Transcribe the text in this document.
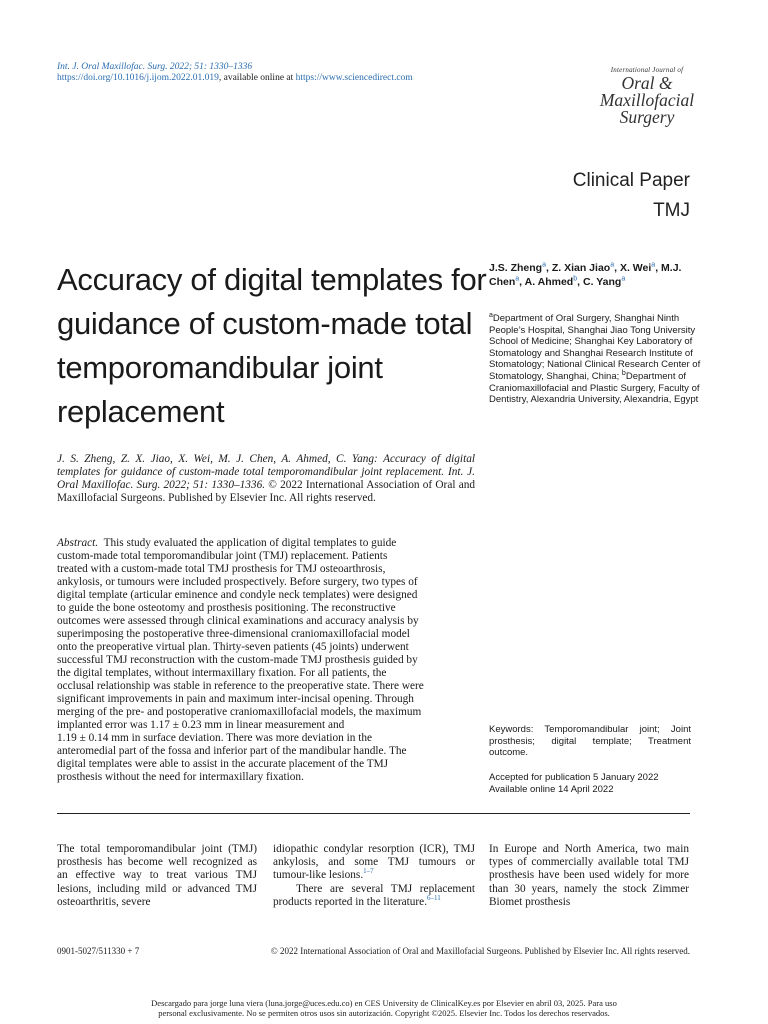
Int. J. Oral Maxillofac. Surg. 2022; 51: 1330–1336
https://doi.org/10.1016/j.ijom.2022.01.019, available online at https://www.sciencedirect.com
International Journal of
Oral &
Maxillofacial
Surgery
Clinical Paper
TMJ
Accuracy of digital templates for guidance of custom-made total temporomandibular joint replacement
J.S. Zheng$^a$, Z. Xian Jiao$^a$, X. Wei$^a$, M.J. Chen$^a$, A. Ahmed$^b$, C. Yang$^a$
$^a$Department of Oral Surgery, Shanghai Ninth People’s Hospital, Shanghai Jiao Tong University School of Medicine; Shanghai Key Laboratory of Stomatology and Shanghai Research Institute of Stomatology; National Clinical Research Center of Stomatology, Shanghai, China; $^b$Department of Craniomaxillofacial and Plastic Surgery, Faculty of Dentistry, Alexandria University, Alexandria, Egypt
J. S. Zheng, Z. X. Jiao, X. Wei, M. J. Chen, A. Ahmed, C. Yang: Accuracy of digital templates for guidance of custom-made total temporomandibular joint replacement. Int. J. Oral Maxillofac. Surg. 2022; 51: 1330–1336. © 2022 International Association of Oral and Maxillofacial Surgeons. Published by Elsevier Inc. All rights reserved.
Abstract. This study evaluated the application of digital templates to guide
custom-made total temporomandibular joint (TMJ) replacement. Patients
treated with a custom-made total TMJ prosthesis for TMJ osteoarthrosis,
ankylosis, or tumours were included prospectively. Before surgery, two types of
digital template (articular eminence and condyle neck templates) were designed
to guide the bone osteotomy and prosthesis positioning. The reconstructive
outcomes were assessed through clinical examinations and accuracy analysis by
superimposing the postoperative three-dimensional craniomaxillofacial model
onto the preoperative virtual plan. Thirty-seven patients (45 joints) underwent
successful TMJ reconstruction with the custom-made TMJ prosthesis guided by
the digital templates, without intermaxillary fixation. For all patients, the
occlusal relationship was stable in reference to the preoperative state. There were
significant improvements in pain and maximum inter-incisal opening. Through
merging of the pre- and postoperative craniomaxillofacial models, the maximum
implanted error was 1.17 ± 0.23 mm in linear measurement and
1.19 ± 0.14 mm in surface deviation. There was more deviation in the
anteromedial part of the fossa and inferior part of the mandibular handle. The
digital templates were able to assist in the accurate placement of the TMJ
prosthesis without the need for intermaxillary fixation.
Keywords: Temporomandibular joint; Joint prosthesis; digital template; Treatment outcome.
Accepted for publication 5 January 2022
Available online 14 April 2022
The total temporomandibular joint (TMJ) prosthesis has become well recognized as an effective way to treat various TMJ lesions, including mild or advanced TMJ osteoarthritis, severe
idiopathic condylar resorption (ICR), TMJ ankylosis, and some TMJ tumours or tumour-like lesions.$^{1-7}$
There are several TMJ replacement products reported in the literature.$^{6-11}$
In Europe and North America, two main types of commercially available total TMJ prosthesis have been used widely for more than 30 years, namely the stock Zimmer Biomet prosthesis
0901-5027/511330 + 7	© 2022 International Association of Oral and Maxillofacial Surgeons. Published by Elsevier Inc. All rights reserved.
Descargado para jorge luna viera (luna.jorge@uces.edu.co) en CES University de ClinicalKey.es por Elsevier en abril 03, 2025. Para uso
personal exclusivamente. No se permiten otros usos sin autorización. Copyright ©2025. Elsevier Inc. Todos los derechos reservados.
